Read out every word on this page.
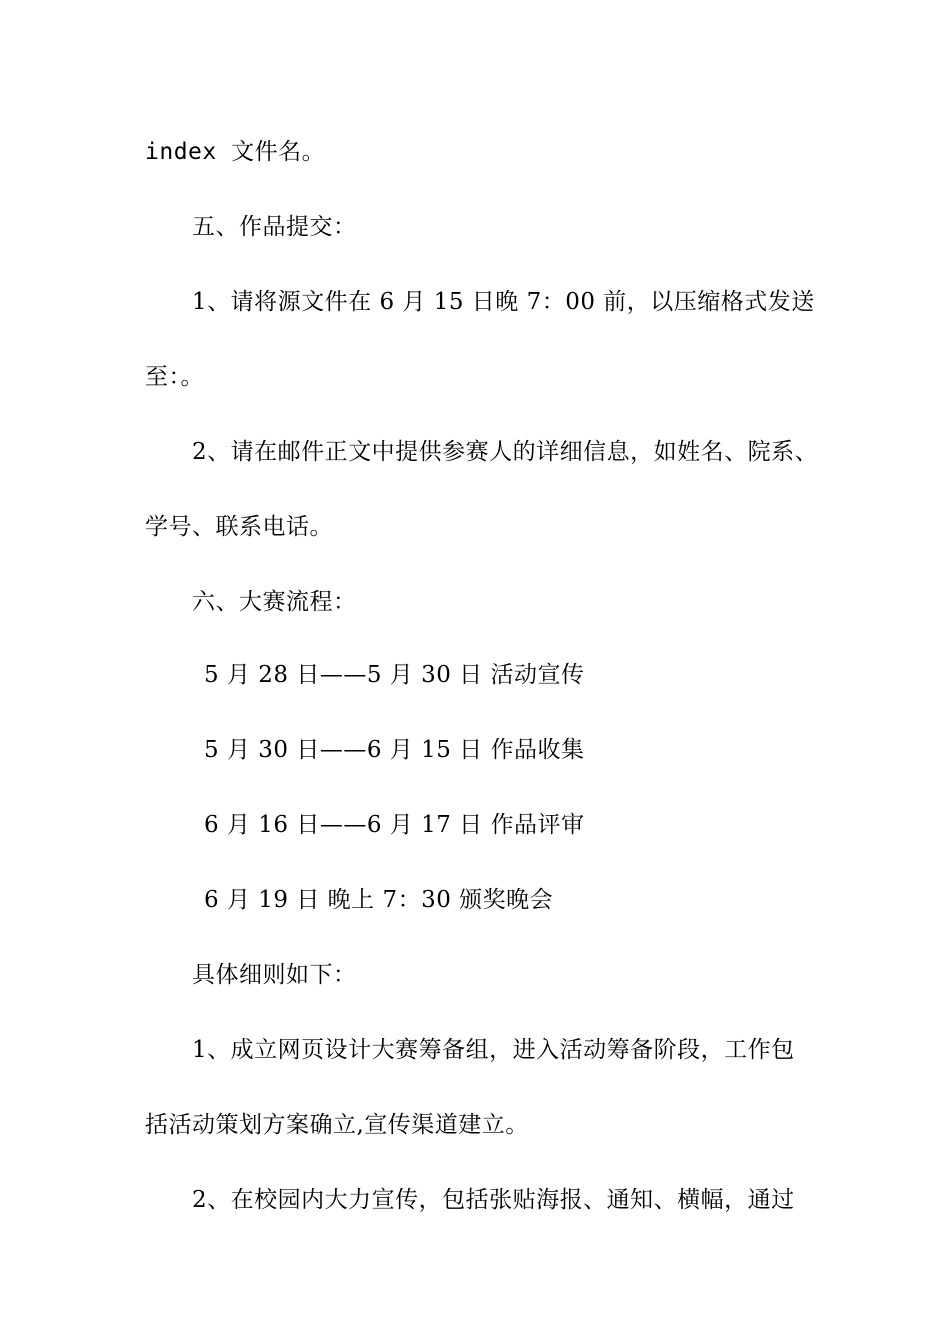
index 文件名。
五、作品提交：
1、请将源文件在 6 月 15 日晚 7：00 前，以压缩格式发送
至：。
2、请在邮件正文中提供参赛人的详细信息，如姓名、院系、
学号、联系电话。
六、大赛流程：
5 月 28 日——5 月 30 日 活动宣传
5 月 30 日——6 月 15 日 作品收集
6 月 16 日——6 月 17 日 作品评审
6 月 19 日 晚上 7：30 颁奖晚会
具体细则如下：
1、成立网页设计大赛筹备组，进入活动筹备阶段，工作包
括活动策划方案确立,宣传渠道建立。
2、在校园内大力宣传，包括张贴海报、通知、横幅，通过
